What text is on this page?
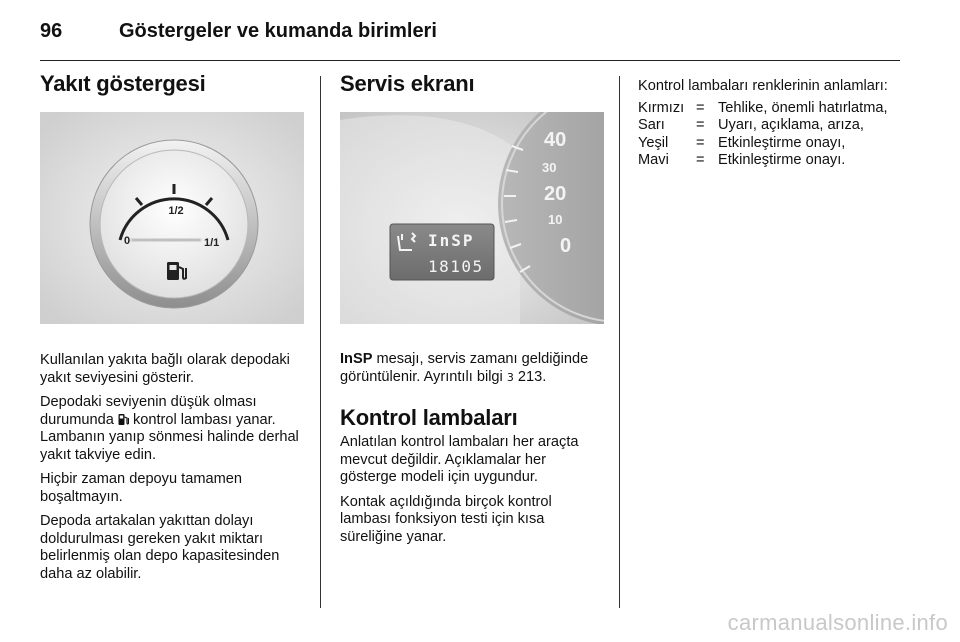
96	Göstergeler ve kumanda birimleri
Yakıt göstergesi
1/2
0	1/1

Kullanılan yakıta bağlı olarak depodaki yakıt seviyesini gösterir.

Depodaki seviyenin düşük olması durumunda  kontrol lambası yanar. Lambanın yanıp sönmesi halinde derhal yakıt takviye edin.

Hiçbir zaman depoyu tamamen boşaltmayın.

Depoda artakalan yakıttan dolayı doldurulması gereken yakıt miktarı belirlenmiş olan depo kapasitesinden daha az olabilir.

Servis ekranı
40
30
20
10
0
InSP
18105

InSP mesajı, servis zamanı geldiğinde görüntülenir. Ayrıntılı bilgi 3 213.

Kontrol lambaları

Anlatılan kontrol lambaları her araçta mevcut değildir. Açıklamalar her gösterge modeli için uygundur.

Kontak açıldığında birçok kontrol lambası fonksiyon testi için kısa süreliğine yanar.

Kontrol lambaları renklerinin anlamları:

Kırmızı	=	Tehlike, önemli hatırlatma,
Sarı	=	Uyarı, açıklama, arıza,
Yeşil	=	Etkinleştirme onayı,
Mavi	=	Etkinleştirme onayı.
carmanualsonline.info
